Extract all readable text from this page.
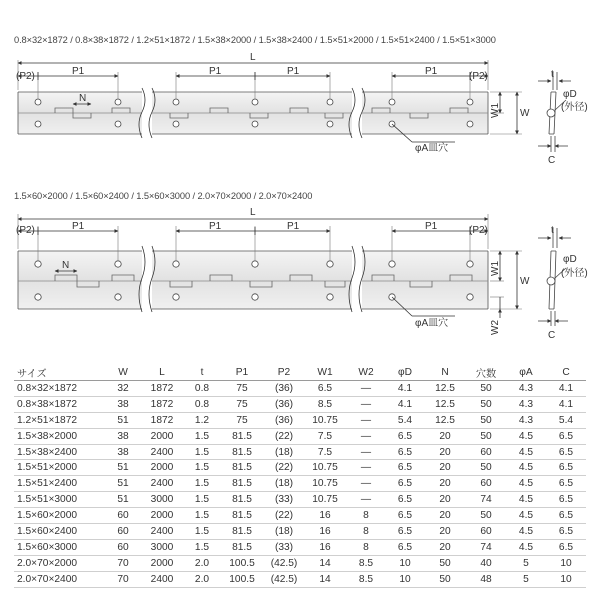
0.8×32×1872 / 0.8×38×1872 / 1.2×51×1872 / 1.5×38×2000 / 1.5×38×2400 / 1.5×51×2000 / 1.5×51×2400 / 1.5×51×3000
1.5×60×2000 / 1.5×60×2400 / 1.5×60×3000 / 2.0×70×2000 / 2.0×70×2400
(P2)	P1	P1	P1	P1	(P2)
L
N
W
W1
t
φD
(外径)
C
φA皿穴
(P2)	P1	P1	P1	P1	(P2)
L
N
W
W1
W2
t
φD
(外径)
C
φA皿穴
サイズ	W	L	t	P1	P2	W1	W2	φD	N	穴数	φA	C
0.8×32×1872	32	1872	0.8	75	(36)	6.5	—	4.1	12.5	50	4.3	4.1
0.8×38×1872	38	1872	0.8	75	(36)	8.5	—	4.1	12.5	50	4.3	4.1
1.2×51×1872	51	1872	1.2	75	(36)	10.75	—	5.4	12.5	50	4.3	5.4
1.5×38×2000	38	2000	1.5	81.5	(22)	7.5	—	6.5	20	50	4.5	6.5
1.5×38×2400	38	2400	1.5	81.5	(18)	7.5	—	6.5	20	60	4.5	6.5
1.5×51×2000	51	2000	1.5	81.5	(22)	10.75	—	6.5	20	50	4.5	6.5
1.5×51×2400	51	2400	1.5	81.5	(18)	10.75	—	6.5	20	60	4.5	6.5
1.5×51×3000	51	3000	1.5	81.5	(33)	10.75	—	6.5	20	74	4.5	6.5
1.5×60×2000	60	2000	1.5	81.5	(22)	16	8	6.5	20	50	4.5	6.5
1.5×60×2400	60	2400	1.5	81.5	(18)	16	8	6.5	20	60	4.5	6.5
1.5×60×3000	60	3000	1.5	81.5	(33)	16	8	6.5	20	74	4.5	6.5
2.0×70×2000	70	2000	2.0	100.5	(42.5)	14	8.5	10	50	40	5	10
2.0×70×2400	70	2400	2.0	100.5	(42.5)	14	8.5	10	50	48	5	10
